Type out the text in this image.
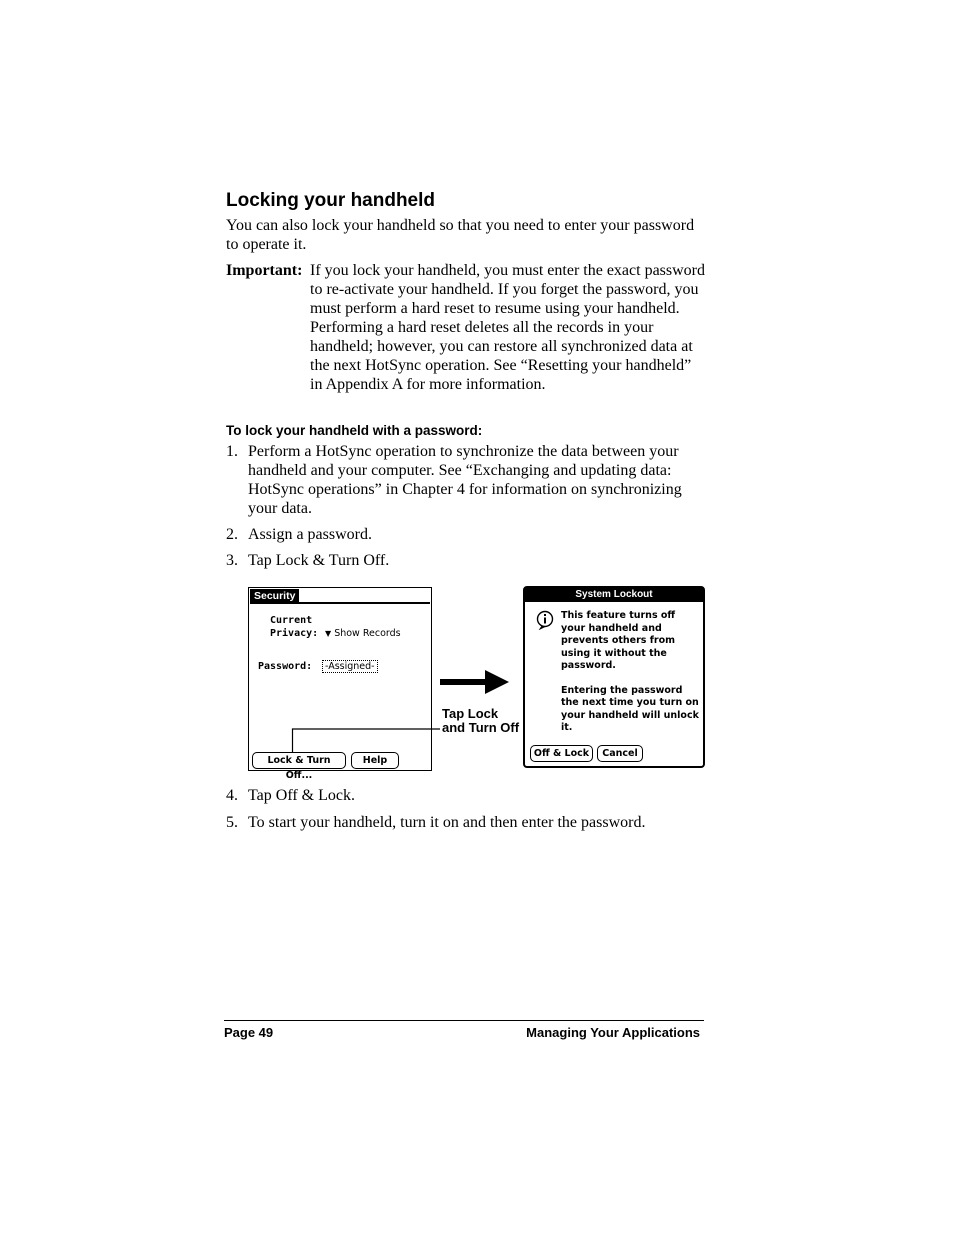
Locking your handheld
You can also lock your handheld so that you need to enter your password to operate it.
Important: If you lock your handheld, you must enter the exact password to re-activate your handheld. If you forget the password, you must perform a hard reset to resume using your handheld. Performing a hard reset deletes all the records in your handheld; however, you can restore all synchronized data at the next HotSync operation. See “Resetting your handheld” in Appendix A for more information.
To lock your handheld with a password:
1. Perform a HotSync operation to synchronize the data between your handheld and your computer. See “Exchanging and updating data: HotSync operations” in Chapter 4 for information on synchronizing your data.
2. Assign a password.
3. Tap Lock & Turn Off.
Security
Current
Privacy: ▼ Show Records
Password:	-Assigned-
Lock & Turn Off...
Help
Tap Lock and Turn Off
System Lockout
This feature turns off your handheld and prevents others from using it without the password.
Entering the password the next time you turn on your handheld will unlock it.
Off & Lock	Cancel
4. Tap Off & Lock.
5. To start your handheld, turn it on and then enter the password.
Page 49	Managing Your Applications
